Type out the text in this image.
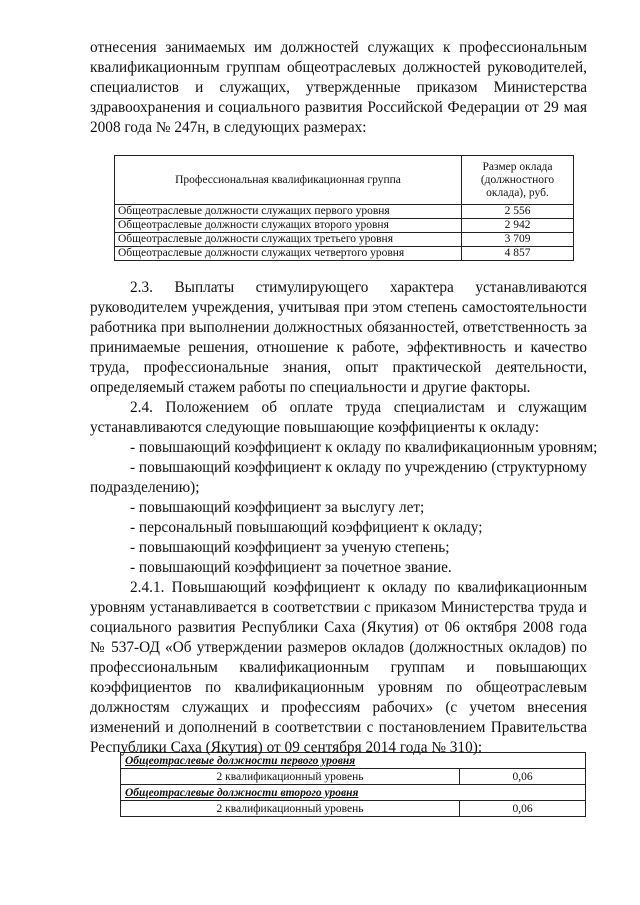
отнесения занимаемых им должностей служащих к профессиональным
квалификационным группам общеотраслевых должностей руководителей,
специалистов и служащих, утвержденные приказом Министерства
здравоохранения и социального развития Российской Федерации от 29 мая
2008 года № 247н, в следующих размерах:
Профессиональная квалификационная группа	Размер оклада
(должностного
оклада), руб.

Общеотраслевые должности служащих первого уровня	2 556
Общеотраслевые должности служащих второго уровня	2 942
Общеотраслевые должности служащих третьего уровня	3 709
Общеотраслевые должности служащих четвертого уровня	4 857
2.3. Выплаты стимулирующего характера устанавливаются
руководителем учреждения, учитывая при этом степень самостоятельности
работника при выполнении должностных обязанностей, ответственность за
принимаемые решения, отношение к работе, эффективность и качество
труда, профессиональные знания, опыт практической деятельности,
определяемый стажем работы по специальности и другие факторы.
2.4. Положением об оплате труда специалистам и служащим
устанавливаются следующие повышающие коэффициенты к окладу:
- повышающий коэффициент к окладу по квалификационным уровням;
- повышающий коэффициент к окладу по учреждению (структурному
подразделению);
- повышающий коэффициент за выслугу лет;
- персональный повышающий коэффициент к окладу;
- повышающий коэффициент за ученую степень;
- повышающий коэффициент за почетное звание.
2.4.1. Повышающий коэффициент к окладу по квалификационным
уровням устанавливается в соответствии с приказом Министерства труда и
социального развития Республики Саха (Якутия) от 06 октября 2008 года
№ 537-ОД «Об утверждении размеров окладов (должностных окладов) по
профессиональным квалификационным группам и повышающих
коэффициентов по квалификационным уровням по общеотраслевым
должностям служащих и профессиям рабочих» (с учетом внесения
изменений и дополнений в соответствии с постановлением Правительства
Республики Саха (Якутия) от 09 сентября 2014 года № 310):
Общеотраслевые должности первого уровня	
2 квалификационный уровень	0,06
Общеотраслевые должности второго уровня	
2 квалификационный уровень	0,06
